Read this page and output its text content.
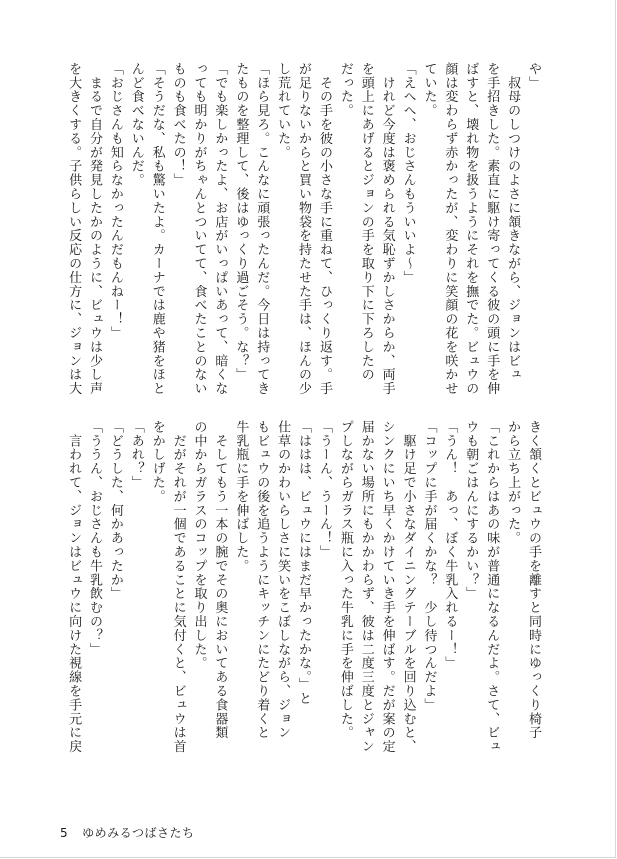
や」

　叔母のしつけのよさに頷きながら、ジョンはビュ

を手招きした。素直に駆け寄ってくる彼の頭に手を伸

ばすと、壊れ物を扱うようにそれを撫でた。ビュウの

顔は変わらず赤かったが、変わりに笑顔の花を咲かせ

ていた。

「えへへ、おじさんもういいよ～」

　けれど今度は褒められる気恥ずかしさからか、両手

を頭上にあげるとジョンの手を取り下に下ろしたの

だった。

　その手を彼の小さな手に重ねて、ひっくり返す。手

が足りないからと買い物袋を持たせた手は、ほんの少

し荒れていた。

「ほら見ろ。こんなに頑張ったんだ。今日は持ってき

たものを整理して、後はゆっくり過ごそう。な？」

「でも楽しかったよ、お店がいっぱいあって、暗くな

っても明かりがちゃんとついてて、食べたことのない

ものも食べたの！」

「そうだな、私も驚いたよ。カーナでは鹿や猪をほと

んど食べないんだ。

「おじさんも知らなかったんだもんねー！」

　まるで自分が発見したかのように、ビュウは少し声

を大きくする。子供らしい反応の仕方に、ジョンは大

きく頷くとビュウの手を離すと同時にゆっくり椅子

から立ち上がった。

「これからはあの味が普通になるんだよ。さて、ビュ

ウも朝ごはんにするかい？」

「うん！　あっ、ぼく牛乳入れるー！」

「コップに手が届くかな？　少し待つんだよ」

　駆け足で小さなダイニングテーブルを回り込むと、

シンクにいち早くかけていき手を伸ばす。だが案の定

届かない場所にもかかわらず、彼は二度三度とジャン

プしながらガラス瓶に入った牛乳に手を伸ばした。

「うーん、うーん！」

「ははは、ビュウにはまだ早かったかな。」と

仕草のかわいらしさに笑いをこぼしながら、ジョン

もビュウの後を追うようにキッチンにたどり着くと

牛乳瓶に手を伸ばした。

　そしてもう一本の腕でその奥においてある食器類

の中からガラスのコップを取り出した。

　だがそれが一個であることに気付くと、ビュウは首

をかしげた。

「あれ？」

「どうした、何かあったか」

「ううん、おじさんも牛乳飲むの？」

　言われて、ジョンはビュウに向けた視線を手元に戻

5 ゆめみるつばさたち
